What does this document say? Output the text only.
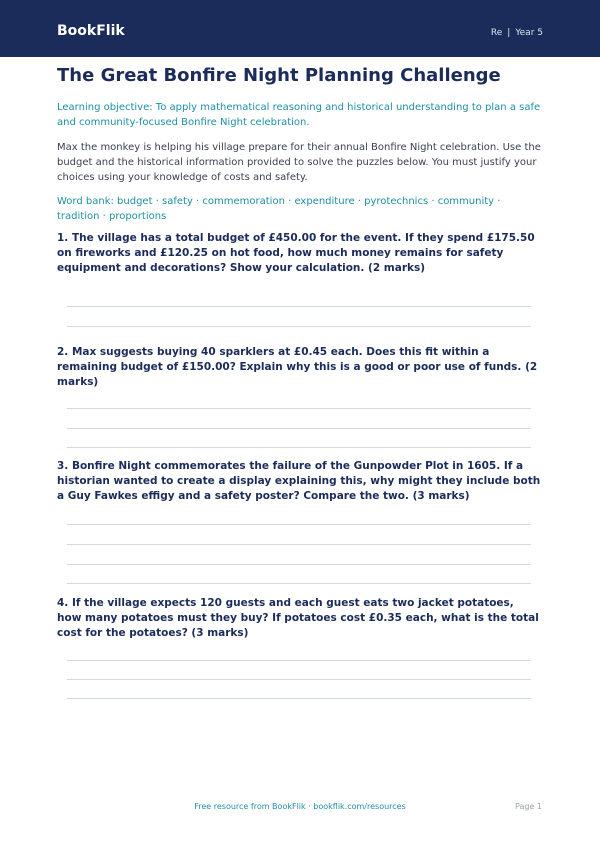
BookFlik	Re | Year 5
The Great Bonfire Night Planning Challenge

Learning objective: To apply mathematical reasoning and historical understanding to plan a safe and community-focused Bonfire Night celebration.

Max the monkey is helping his village prepare for their annual Bonfire Night celebration. Use the budget and the historical information provided to solve the puzzles below. You must justify your choices using your knowledge of costs and safety.

Word bank: budget · safety · commemoration · expenditure · pyrotechnics · community · tradition · proportions

1. The village has a total budget of £450.00 for the event. If they spend £175.50 on fireworks and £120.25 on hot food, how much money remains for safety equipment and decorations? Show your calculation. (2 marks)

2. Max suggests buying 40 sparklers at £0.45 each. Does this fit within a remaining budget of £150.00? Explain why this is a good or poor use of funds. (2 marks)

3. Bonfire Night commemorates the failure of the Gunpowder Plot in 1605. If a historian wanted to create a display explaining this, why might they include both a Guy Fawkes effigy and a safety poster? Compare the two. (3 marks)

4. If the village expects 120 guests and each guest eats two jacket potatoes, how many potatoes must they buy? If potatoes cost £0.35 each, what is the total cost for the potatoes? (3 marks)

Free resource from BookFlik · bookflik.com/resources	Page 1
